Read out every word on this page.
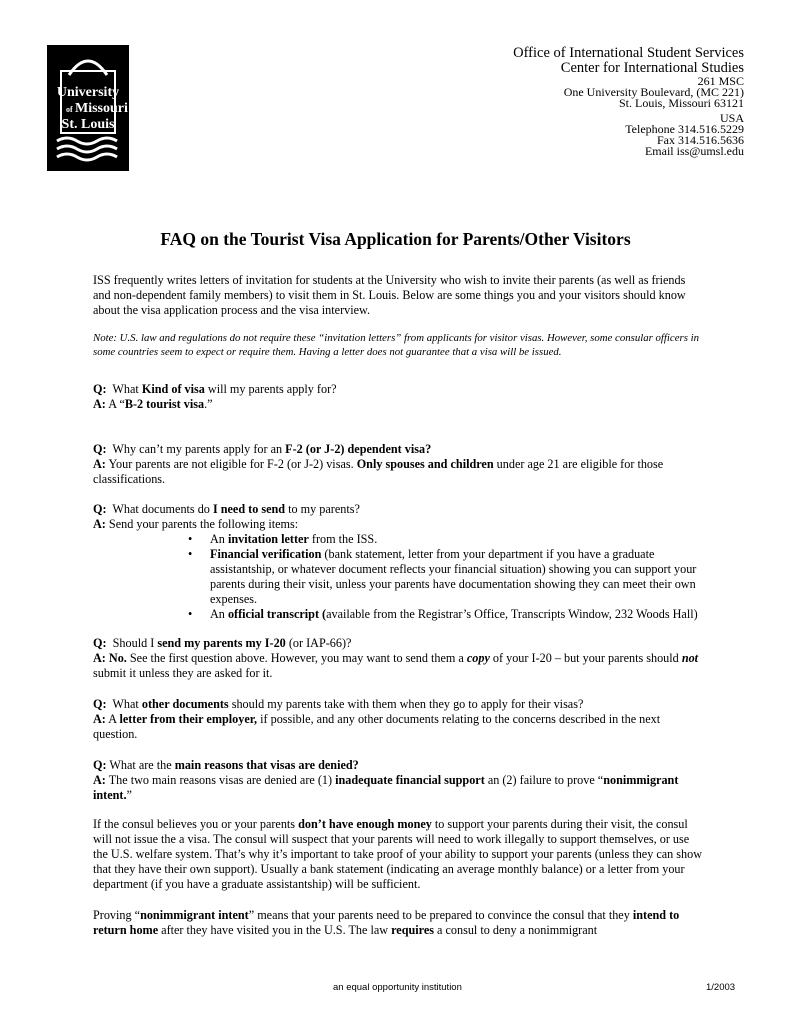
University
of Missouri
St. Louis
Office of International Student Services
Center for International Studies
261 MSC
One University Boulevard, (MC 221)
St. Louis, Missouri 63121
USA
Telephone 314.516.5229
Fax 314.516.5636
Email iss@umsl.edu
FAQ on the Tourist Visa Application for Parents/Other Visitors

ISS frequently writes letters of invitation for students at the University who wish to invite their parents (as well as friends and non-dependent family members) to visit them in St. Louis. Below are some things you and your visitors should know about the visa application process and the visa interview.

Note: U.S. law and regulations do not require these “invitation letters” from applicants for visitor visas. However, some consular officers in some countries seem to expect or require them. Having a letter does not guarantee that a visa will be issued.

Q: What Kind of visa will my parents apply for?

A: A “B-2 tourist visa.”

Q: Why can’t my parents apply for an F-2 (or J-2) dependent visa?

A: Your parents are not eligible for F-2 (or J-2) visas. Only spouses and children under age 21 are eligible for those classifications.

Q: What documents do I need to send to my parents?

A: Send your parents the following items:

• An invitation letter from the ISS.
• Financial verification (bank statement, letter from your department if you have a graduate assistantship, or whatever document reflects your financial situation) showing you can support your parents during their visit, unless your parents have documentation showing they can meet their own expenses.
• An official transcript (available from the Registrar’s Office, Transcripts Window, 232 Woods Hall)

Q: Should I send my parents my I-20 (or IAP-66)?

A: No. See the first question above. However, you may want to send them a copy of your I-20 – but your parents should not submit it unless they are asked for it.

Q: What other documents should my parents take with them when they go to apply for their visas?

A: A letter from their employer, if possible, and any other documents relating to the concerns described in the next question.

Q: What are the main reasons that visas are denied?

A: The two main reasons visas are denied are (1) inadequate financial support an (2) failure to prove “nonimmigrant intent.”

If the consul believes you or your parents don’t have enough money to support your parents during their visit, the consul will not issue the a visa. The consul will suspect that your parents will need to work illegally to support themselves, or use the U.S. welfare system. That’s why it’s important to take proof of your ability to support your parents (unless they can show that they have their own support). Usually a bank statement (indicating an average monthly balance) or a letter from your department (if you have a graduate assistantship) will be sufficient.

Proving “nonimmigrant intent” means that your parents need to be prepared to convince the consul that they intend to return home after they have visited you in the U.S. The law requires a consul to deny a nonimmigrant

an equal opportunity institution	1/2003
